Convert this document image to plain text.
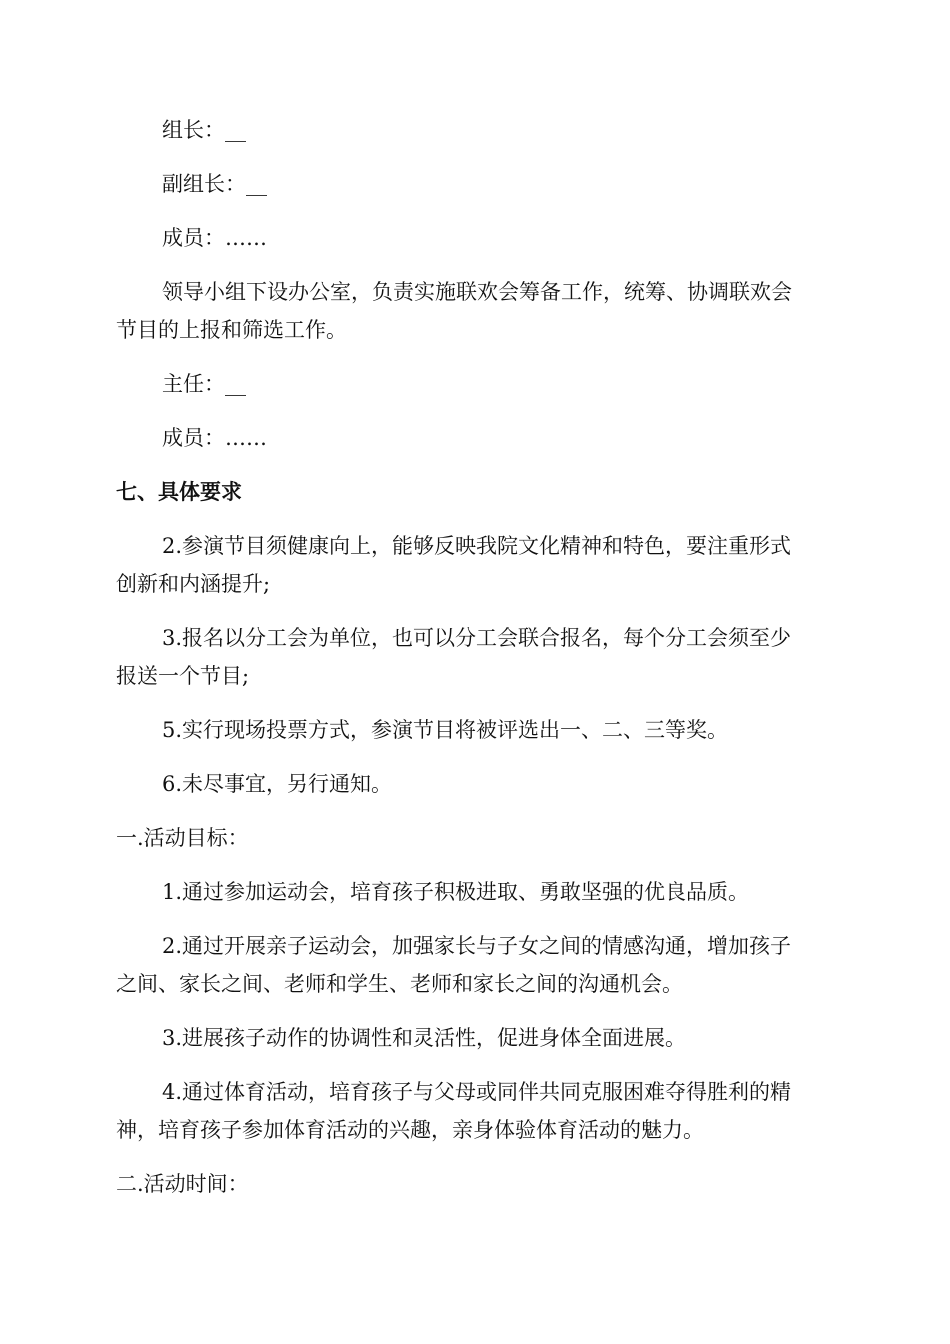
组长：__
副组长：__
成员：……
领导小组下设办公室，负责实施联欢会筹备工作，统筹、协调联欢会
节目的上报和筛选工作。
主任：__
成员：……
七、具体要求
2.参演节目须健康向上，能够反映我院文化精神和特色，要注重形式
创新和内涵提升;
3.报名以分工会为单位，也可以分工会联合报名，每个分工会须至少
报送一个节目;
5.实行现场投票方式，参演节目将被评选出一、二、三等奖。
6.未尽事宜，另行通知。
一.活动目标：
1.通过参加运动会，培育孩子积极进取、勇敢坚强的优良品质。
2.通过开展亲子运动会，加强家长与子女之间的情感沟通，增加孩子
之间、家长之间、老师和学生、老师和家长之间的沟通机会。
3.进展孩子动作的协调性和灵活性，促进身体全面进展。
4.通过体育活动，培育孩子与父母或同伴共同克服困难夺得胜利的精
神，培育孩子参加体育活动的兴趣，亲身体验体育活动的魅力。
二.活动时间：
